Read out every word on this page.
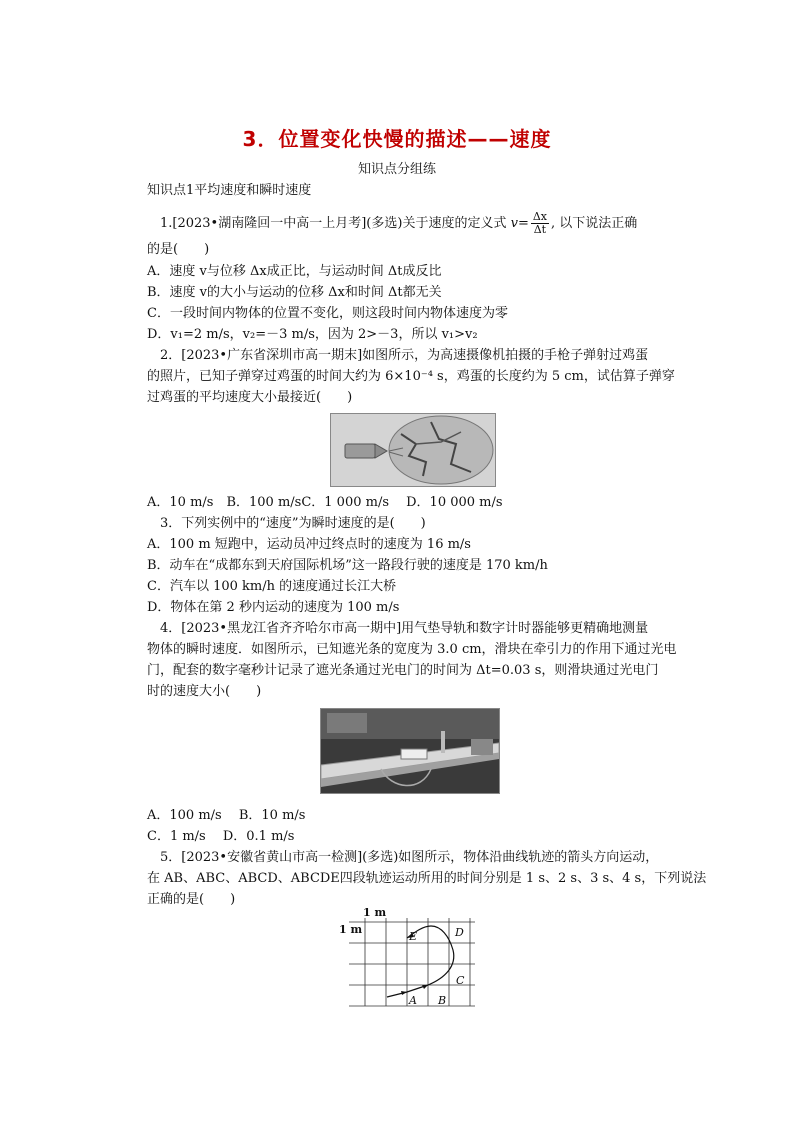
3．位置变化快慢的描述——速度
知识点分组练
知识点1平均速度和瞬时速度
1.[2023•湖南隆回一中高一上月考](多选)关于速度的定义式 $v= \frac{\Delta x}{\Delta t}$ , 以下说法正确
的是(　　)
A．速度 v与位移 Δx成正比，与运动时间 Δt成反比
B．速度 v的大小与运动的位移 Δx和时间 Δt都无关
C．一段时间内物体的位置不变化，则这段时间内物体速度为零
D．v₁=2 m/s，v₂=－3 m/s，因为 2>－3，所以 v₁>v₂
2．[2023•广东省深圳市高一期末]如图所示，为高速摄像机拍摄的手枪子弹射过鸡蛋
的照片，已知子弹穿过鸡蛋的时间大约为 6×10⁻⁴ s，鸡蛋的长度约为 5 cm，试估算子弹穿
过鸡蛋的平均速度大小最接近(　　)
A．10 m/s　B．100 m/sC．1 000 m/s　 D．10 000 m/s
3．下列实例中的“速度”为瞬时速度的是(　　)
A．100 m 短跑中，运动员冲过终点时的速度为 16 m/s
B．动车在“成都东到天府国际机场”这一路段行驶的速度是 170 km/h
C．汽车以 100 km/h 的速度通过长江大桥
D．物体在第 2 秒内运动的速度为 100 m/s
4．[2023•黑龙江省齐齐哈尔市高一期中]用气垫导轨和数字计时器能够更精确地测量
物体的瞬时速度．如图所示，已知遮光条的宽度为 3.0 cm，滑块在牵引力的作用下通过光电
门，配套的数字毫秒计记录了遮光条通过光电门的时间为 Δt=0.03 s，则滑块通过光电门
时的速度大小(　　)
A．100 m/s　 B．10 m/s
C．1 m/s　 D．0.1 m/s
5．[2023•安徽省黄山市高一检测](多选)如图所示，物体沿曲线轨迹的箭头方向运动，
在 AB、ABC、ABCD、ABCDE四段轨迹运动所用的时间分别是 1 s、2 s、3 s、4 s，下列说法
正确的是(　　)
1 m
1 m
A B
C
D
E
